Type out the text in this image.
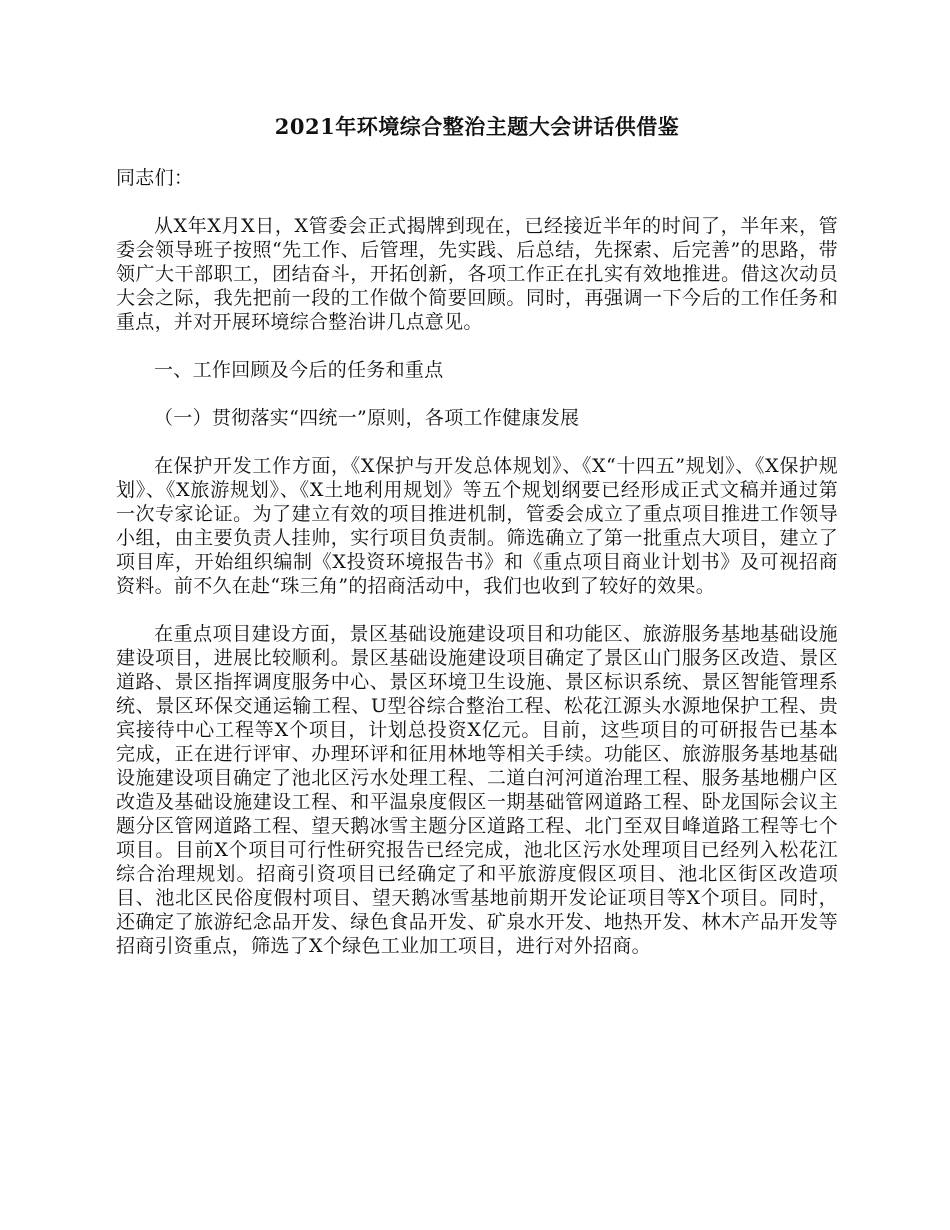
2021年环境综合整治主题大会讲话供借鉴

同志们：

从X年X月X日，X管委会正式揭牌到现在，已经接近半年的时间了，半年来，管委会领导班子按照“先工作、后管理，先实践、后总结，先探索、后完善”的思路，带领广大干部职工，团结奋斗，开拓创新，各项工作正在扎实有效地推进。借这次动员大会之际，我先把前一段的工作做个简要回顾。同时，再强调一下今后的工作任务和重点，并对开展环境综合整治讲几点意见。

一、工作回顾及今后的任务和重点

（一）贯彻落实“四统一”原则，各项工作健康发展

在保护开发工作方面，《X保护与开发总体规划》、《X“十四五”规划》、《X保护规划》、《X旅游规划》、《X土地利用规划》等五个规划纲要已经形成正式文稿并通过第一次专家论证。为了建立有效的项目推进机制，管委会成立了重点项目推进工作领导小组，由主要负责人挂帅，实行项目负责制。筛选确立了第一批重点大项目，建立了项目库，开始组织编制《X投资环境报告书》和《重点项目商业计划书》及可视招商资料。前不久在赴“珠三角”的招商活动中，我们也收到了较好的效果。

在重点项目建设方面，景区基础设施建设项目和功能区、旅游服务基地基础设施建设项目，进展比较顺利。景区基础设施建设项目确定了景区山门服务区改造、景区道路、景区指挥调度服务中心、景区环境卫生设施、景区标识系统、景区智能管理系统、景区环保交通运输工程、U型谷综合整治工程、松花江源头水源地保护工程、贵宾接待中心工程等X个项目，计划总投资X亿元。目前，这些项目的可研报告已基本完成，正在进行评审、办理环评和征用林地等相关手续。功能区、旅游服务基地基础设施建设项目确定了池北区污水处理工程、二道白河河道治理工程、服务基地棚户区改造及基础设施建设工程、和平温泉度假区一期基础管网道路工程、卧龙国际会议主题分区管网道路工程、望天鹅冰雪主题分区道路工程、北门至双目峰道路工程等七个项目。目前X个项目可行性研究报告已经完成，池北区污水处理项目已经列入松花江综合治理规划。招商引资项目已经确定了和平旅游度假区项目、池北区街区改造项目、池北区民俗度假村项目、望天鹅冰雪基地前期开发论证项目等X个项目。同时，还确定了旅游纪念品开发、绿色食品开发、矿泉水开发、地热开发、林木产品开发等招商引资重点，筛选了X个绿色工业加工项目，进行对外招商。
